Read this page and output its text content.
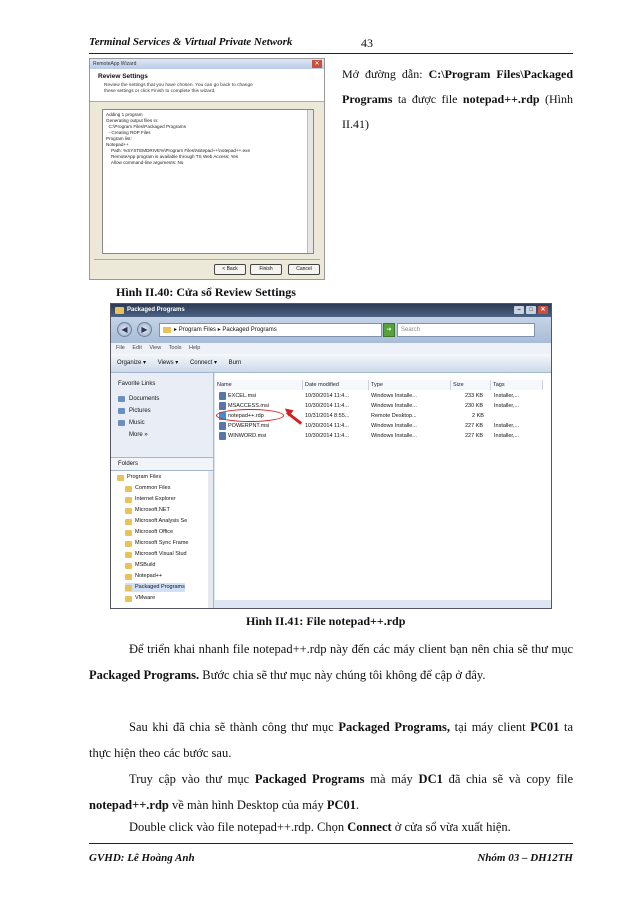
Terminal Services & Virtual Private Network	43
RemoteApp Wizard	✕
Review Settings
Review the settings that you have chosen. You can go back to change these settings or click Finish to complete this wizard.
Adding 1 program
Generating output files in:
C:\Program Files\Packaged Programs
- Creating RDP Files
Program list:
Notepad++
Path: %SYSTEMDRIVE%\Program Files\Notepad++\notepad++.exe
RemoteApp program is available through TS Web Access: Yes
Allow command-line arguments: No
< Back	Finish	Cancel
Mở đường dẫn: C:\Program Files\Packaged Programs ta được file notepad++.rdp (Hình II.41)
Hình II.40: Cửa sổ Review Settings
Packaged Programs	–	□	✕
◀	▶	▸ Program Files ▸ Packaged Programs	➜	Search
File Edit View Tools Help
Organize ▾ Views ▾ Connect ▾ Burn
Favorite Links
Documents
Pictures
Music
More »
Folders
Program Files
Common Files
Internet Explorer
Microsoft.NET
Microsoft Analysis Se
Microsoft Office
Microsoft Sync Frame
Microsoft Visual Stud
MSBuild
Notepad++
Packaged Programs
VMware
Name	Date modified	Type	Size	Tags
EXCEL.msi	10/30/2014 11:4...	Windows Installe...	233 KB Installer,...
MSACCESS.msi	10/30/2014 11:4...	Windows Installe...	230 KB Installer,...
notepad++.rdp	10/31/2014 8:55...	Remote Desktop...	2 KB
POWERPNT.msi	10/30/2014 11:4...	Windows Installe...	227 KB Installer,...
WINWORD.msi	10/30/2014 11:4...	Windows Installe...	227 KB Installer,...
Hình II.41: File notepad++.rdp
Để triển khai nhanh file notepad++.rdp này đến các máy client bạn nên chia sẽ thư mục Packaged Programs. Bước chia sẽ thư mục này chúng tôi không để cập ở đây.
Sau khi đã chia sẽ thành công thư mục Packaged Programs, tại máy client PC01 ta thực hiện theo các bước sau.
Truy cập vào thư mục Packaged Programs mà máy DC1 đã chia sẽ và copy file notepad++.rdp về màn hình Desktop của máy PC01.
Double click vào file notepad++.rdp. Chọn Connect ở cửa sổ vừa xuất hiện.
GVHD: Lê Hoàng Anh	Nhóm 03 – DH12TH
